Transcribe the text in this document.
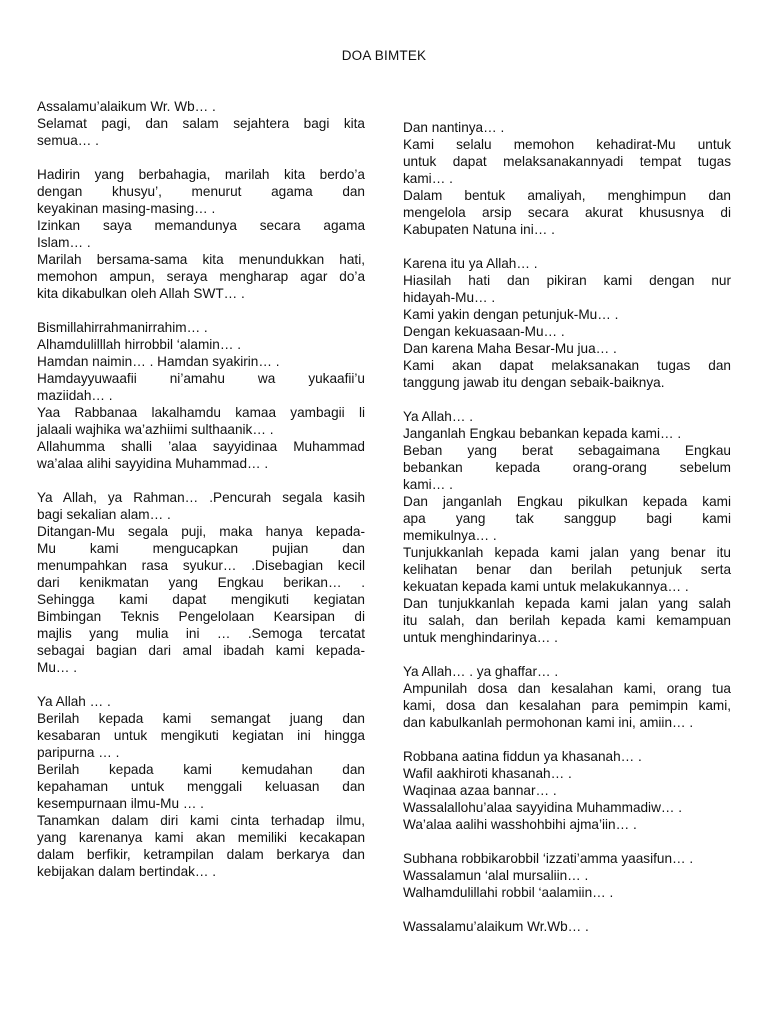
DOA BIMTEK
Assalamu’alaikum Wr. Wb… .
Selamat pagi, dan salam sejahtera bagi kita
semua… .
Hadirin yang berbahagia, marilah kita berdo’a
dengan khusyu’, menurut agama dan
keyakinan masing-masing… .
Izinkan saya memandunya secara agama
Islam… .
Marilah bersama-sama kita menundukkan hati,
memohon ampun, seraya mengharap agar do’a
kita dikabulkan oleh Allah SWT… .
Bismillahirrahmanirrahim… .
Alhamdulilllah hirrobbil ‘alamin… .
Hamdan naimin… . Hamdan syakirin… .
Hamdayyuwaafii ni’amahu wa yukaafii’u
maziidah… .
Yaa Rabbanaa lakalhamdu kamaa yambagii li
jalaali wajhika wa’azhiimi sulthaanik… .
Allahumma shalli ’alaa sayyidinaa Muhammad
wa’alaa alihi sayyidina Muhammad… .
Ya Allah, ya Rahman… .Pencurah segala kasih
bagi sekalian alam… .
Ditangan-Mu segala puji, maka hanya kepada-
Mu kami mengucapkan pujian dan
menumpahkan rasa syukur… .Disebagian kecil
dari kenikmatan yang Engkau berikan… .
Sehingga kami dapat mengikuti kegiatan
Bimbingan Teknis Pengelolaan Kearsipan di
majlis yang mulia ini … .Semoga tercatat
sebagai bagian dari amal ibadah kami kepada-
Mu… .
Ya Allah … .
Berilah kepada kami semangat juang dan
kesabaran untuk mengikuti kegiatan ini hingga
paripurna … .
Berilah kepada kami kemudahan dan
kepahaman untuk menggali keluasan dan
kesempurnaan ilmu-Mu … .
Tanamkan dalam diri kami cinta terhadap ilmu,
yang karenanya kami akan memiliki kecakapan
dalam berfikir, ketrampilan dalam berkarya dan
kebijakan dalam bertindak… .
Dan nantinya… .
Kami selalu memohon kehadirat-Mu untuk
untuk dapat melaksanakannyadi tempat tugas
kami… .
Dalam bentuk amaliyah, menghimpun dan
mengelola arsip secara akurat khususnya di
Kabupaten Natuna ini… .
Karena itu ya Allah… .
Hiasilah hati dan pikiran kami dengan nur
hidayah-Mu… .
Kami yakin dengan petunjuk-Mu… .
Dengan kekuasaan-Mu… .
Dan karena Maha Besar-Mu jua… .
Kami akan dapat melaksanakan tugas dan
tanggung jawab itu dengan sebaik-baiknya.
Ya Allah… .
Janganlah Engkau bebankan kepada kami… .
Beban yang berat sebagaimana Engkau
bebankan kepada orang-orang sebelum
kami… .
Dan janganlah Engkau pikulkan kepada kami
apa yang tak sanggup bagi kami
memikulnya… .
Tunjukkanlah kepada kami jalan yang benar itu
kelihatan benar dan berilah petunjuk serta
kekuatan kepada kami untuk melakukannya… .
Dan tunjukkanlah kepada kami jalan yang salah
itu salah, dan berilah kepada kami kemampuan
untuk menghindarinya… .
Ya Allah… . ya ghaffar… .
Ampunilah dosa dan kesalahan kami, orang tua
kami, dosa dan kesalahan para pemimpin kami,
dan kabulkanlah permohonan kami ini, amiin… .
Robbana aatina fiddun ya khasanah… .
Wafil aakhiroti khasanah… .
Waqinaa azaa bannar… .
Wassalallohu’alaa sayyidina Muhammadiw… .
Wa’alaa aalihi wasshohbihi ajma’iin… .
Subhana robbikarobbil ‘izzati’amma yaasifun… .
Wassalamun ‘alal mursaliin… .
Walhamdulillahi robbil ‘aalamiin… .
Wassalamu’alaikum Wr.Wb… .
